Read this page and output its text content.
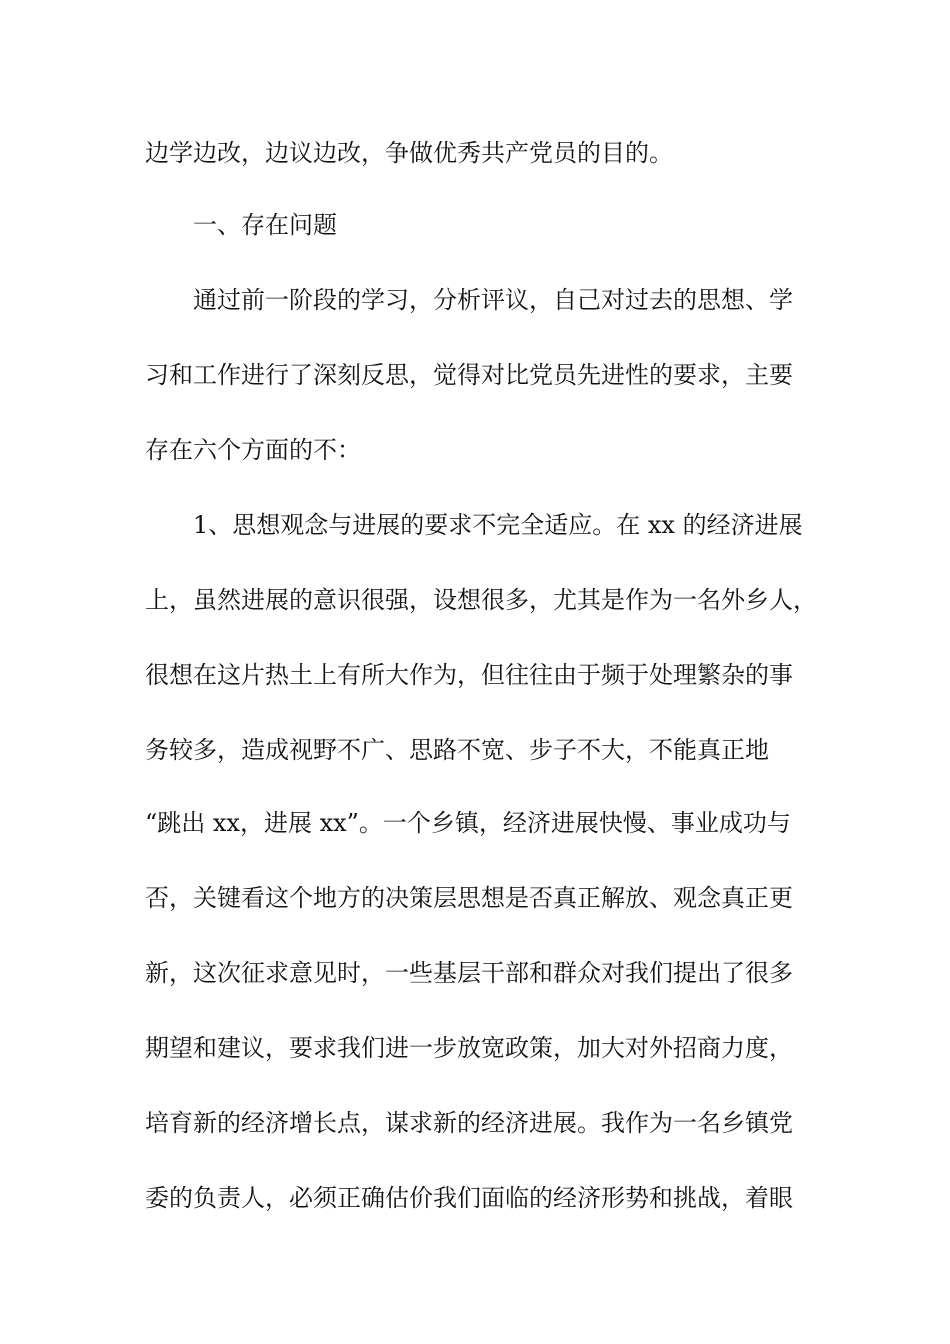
边学边改，边议边改，争做优秀共产党员的目的。
一、存在问题
通过前一阶段的学习，分析评议，自己对过去的思想、学
习和工作进行了深刻反思，觉得对比党员先进性的要求，主要
存在六个方面的不：
1、思想观念与进展的要求不完全适应。在 xx 的经济进展
上，虽然进展的意识很强，设想很多，尤其是作为一名外乡人，
很想在这片热土上有所大作为，但往往由于频于处理繁杂的事
务较多，造成视野不广、思路不宽、步子不大，不能真正地
“跳出 xx，进展 xx”。一个乡镇，经济进展快慢、事业成功与
否，关键看这个地方的决策层思想是否真正解放、观念真正更
新，这次征求意见时，一些基层干部和群众对我们提出了很多
期望和建议，要求我们进一步放宽政策，加大对外招商力度，
培育新的经济增长点，谋求新的经济进展。我作为一名乡镇党
委的负责人，必须正确估价我们面临的经济形势和挑战，着眼
